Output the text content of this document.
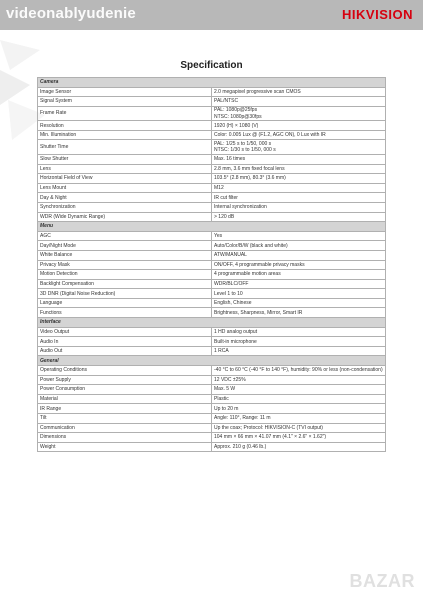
videonablyudenie	HIKVISION
Specification
Camera	
Image Sensor	2.0 megapixel progressive scan CMOS
Signal System	PAL/NTSC
Frame Rate	PAL: 1080p@25fps
NTSC: 1080p@30fps
Resolution	1920 (H) × 1080 (V)
Min. Illumination	Color: 0.005 Lux @ (F1.2, AGC ON), 0 Lux with IR
Shutter Time	PAL: 1/25 s to 1/50, 000 s
NTSC: 1/30 s to 1/50, 000 s
Slow Shutter	Max. 16 times
Lens	2.8 mm, 3.6 mm fixed focal lens
Horizontal Field of View	103.5° (2.8 mm), 80.3° (3.6 mm)
Lens Mount	M12
Day & Night	IR cut filter
Synchronization	Internal synchronization
WDR (Wide Dynamic Range)	> 120 dB
Menu	
AGC	Yes
Day/Night Mode	Auto/Color/B/W (black and white)
White Balance	ATW/MANUAL
Privacy Mask	ON/OFF, 4 programmable privacy masks
Motion Detection	4 programmable motion areas
Backlight Compensation	WDR/BLC/OFF
3D DNR (Digital Noise Reduction)	Level 1 to 10
Language	English, Chinese
Functions	Brightness, Sharpness, Mirror, Smart IR
Interface	
Video Output	1 HD analog output
Audio In	Built-in microphone
Audio Out	1 RCA
General	
Operating Conditions	-40 °C to 60 °C (-40 °F to 140 °F), humidity: 90% or less (non-condensation)
Power Supply	12 VDC ±25%
Power Consumption	Max. 5 W
Material	Plastic
IR Range	Up to 20 m
Tilt	Angle: 110°, Range: 11 m
Communication	Up the coax; Protocol: HIKVISION-C (TVI output)
Dimensions	104 mm × 66 mm × 41.07 mm (4.1" × 2.6" × 1.62")
Weight	Approx. 210 g (0.46 lb.)
BAZAR
